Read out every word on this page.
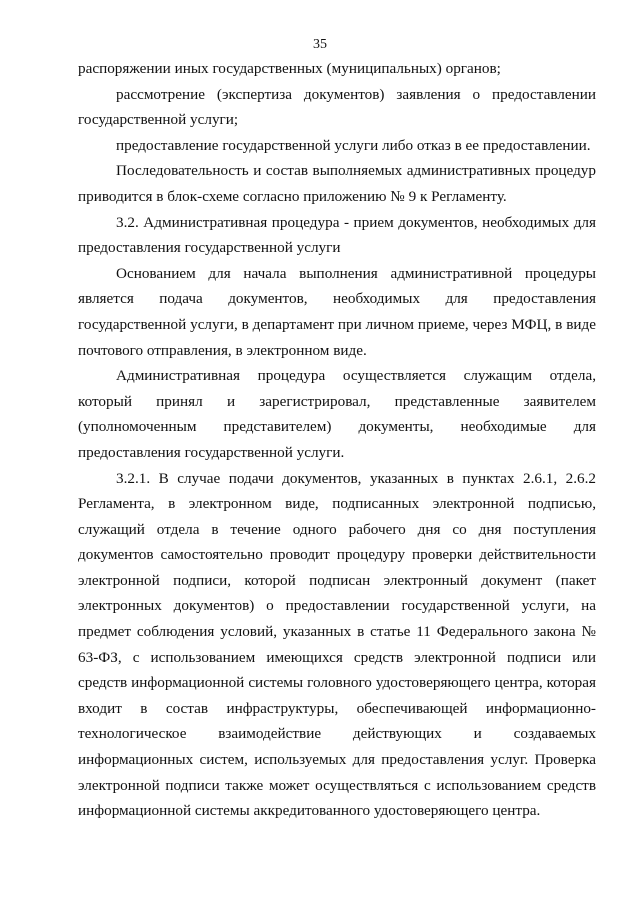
35

распоряжении иных государственных (муниципальных) органов;

рассмотрение (экспертиза документов) заявления о предоставлении государственной услуги;

предоставление государственной услуги либо отказ в ее предоставлении.

Последовательность и состав выполняемых административных процедур приводится в блок-схеме согласно приложению № 9 к Регламенту.

3.2. Административная процедура - прием документов, необходимых для предоставления государственной услуги

Основанием для начала выполнения административной процедуры является подача документов, необходимых для предоставления государственной услуги, в департамент при личном приеме, через МФЦ, в виде почтового отправления, в электронном виде.

Административная процедура осуществляется служащим отдела, который принял и зарегистрировал, представленные заявителем (уполномоченным представителем) документы, необходимые для предоставления государственной услуги.

3.2.1. В случае подачи документов, указанных в пунктах 2.6.1, 2.6.2 Регламента, в электронном виде, подписанных электронной подписью, служащий отдела в течение одного рабочего дня со дня поступления документов самостоятельно проводит процедуру проверки действительности электронной подписи, которой подписан электронный документ (пакет электронных документов) о предоставлении государственной услуги, на предмет соблюдения условий, указанных в статье 11 Федерального закона № 63-ФЗ, с использованием имеющихся средств электронной подписи или средств информационной системы головного удостоверяющего центра, которая входит в состав инфраструктуры, обеспечивающей информационно-технологическое взаимодействие действующих и создаваемых информационных систем, используемых для предоставления услуг. Проверка электронной подписи также может осуществляться с использованием средств информационной системы аккредитованного удостоверяющего центра.
